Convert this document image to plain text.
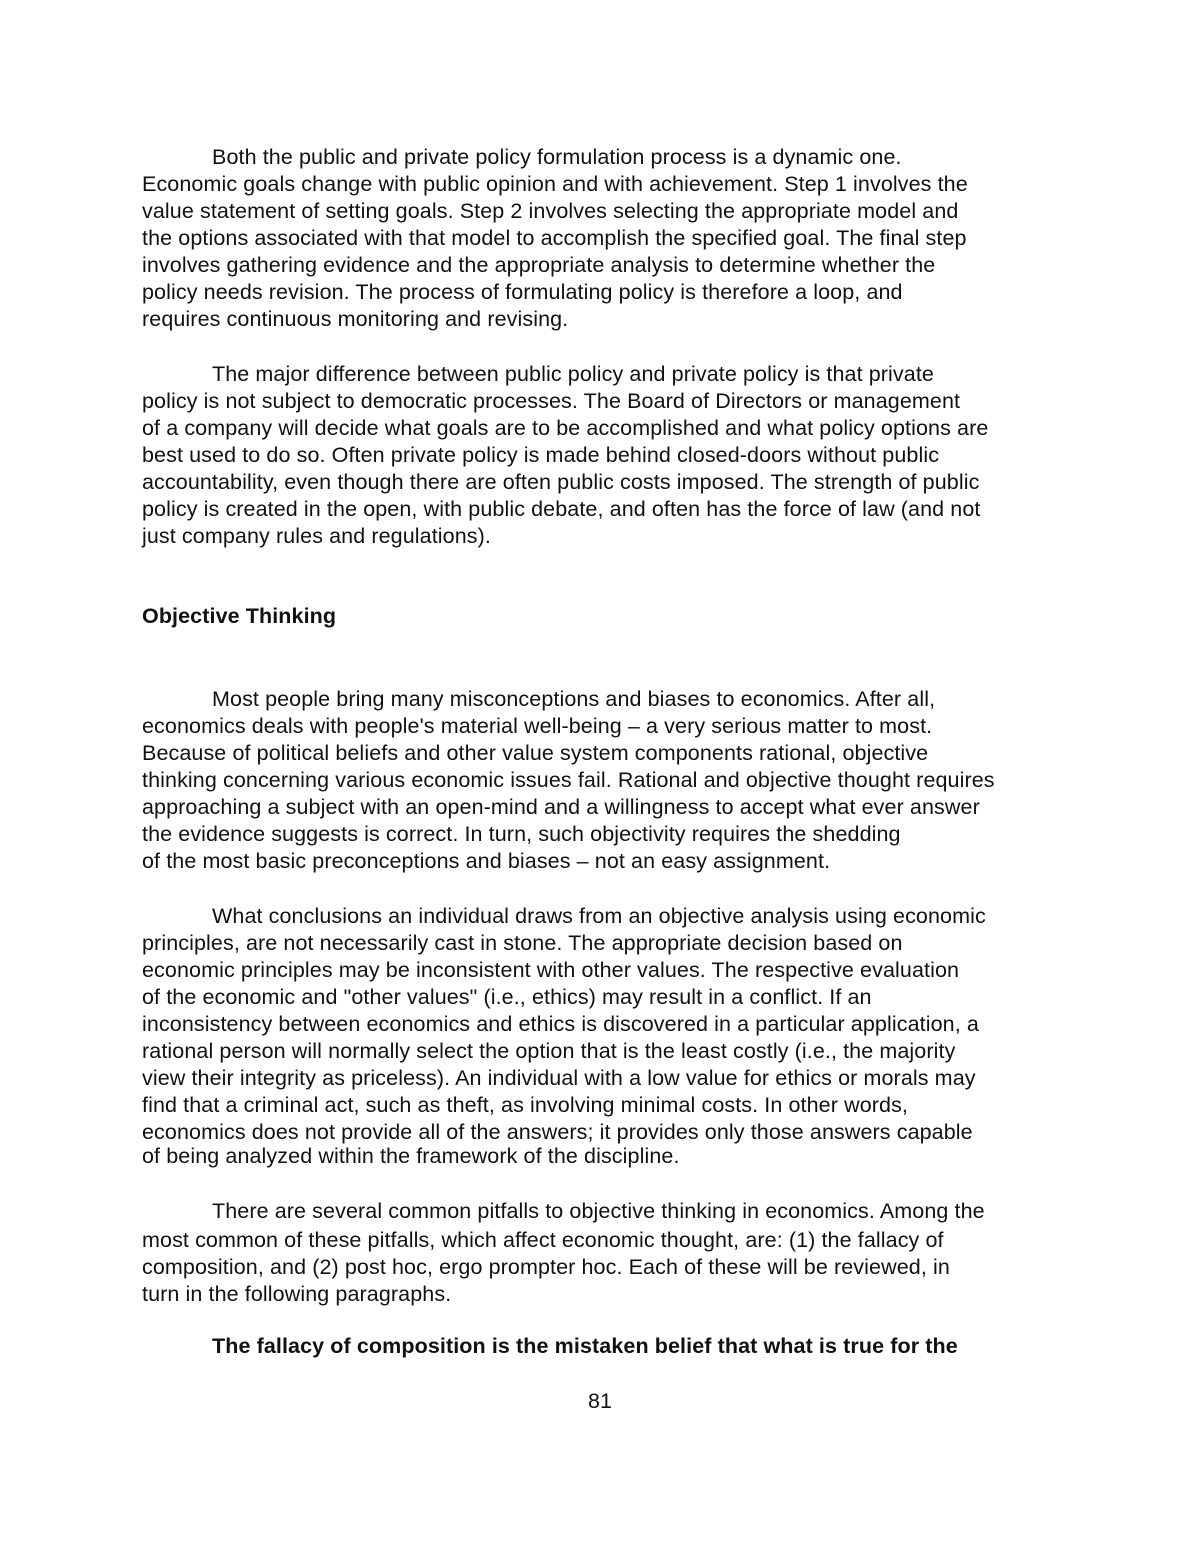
Both the public and private policy formulation process is a dynamic one.
Economic goals change with public opinion and with achievement. Step 1 involves the
value statement of setting goals. Step 2 involves selecting the appropriate model and
the options associated with that model to accomplish the specified goal. The final step
involves gathering evidence and the appropriate analysis to determine whether the
policy needs revision. The process of formulating policy is therefore a loop, and
requires continuous monitoring and revising.
The major difference between public policy and private policy is that private
policy is not subject to democratic processes. The Board of Directors or management
of a company will decide what goals are to be accomplished and what policy options are
best used to do so. Often private policy is made behind closed-doors without public
accountability, even though there are often public costs imposed. The strength of public
policy is created in the open, with public debate, and often has the force of law (and not
just company rules and regulations).
Objective Thinking
Most people bring many misconceptions and biases to economics. After all,
economics deals with people's material well-being – a very serious matter to most.
Because of political beliefs and other value system components rational, objective
thinking concerning various economic issues fail. Rational and objective thought requires
approaching a subject with an open-mind and a willingness to accept what ever answer
the evidence suggests is correct. In turn, such objectivity requires the shedding
of the most basic preconceptions and biases – not an easy assignment.
What conclusions an individual draws from an objective analysis using economic
principles, are not necessarily cast in stone. The appropriate decision based on
economic principles may be inconsistent with other values. The respective evaluation
of the economic and "other values" (i.e., ethics) may result in a conflict. If an
inconsistency between economics and ethics is discovered in a particular application, a
rational person will normally select the option that is the least costly (i.e., the majority
view their integrity as priceless). An individual with a low value for ethics or morals may
find that a criminal act, such as theft, as involving minimal costs. In other words,
economics does not provide all of the answers; it provides only those answers capable
of being analyzed within the framework of the discipline.
There are several common pitfalls to objective thinking in economics. Among the
most common of these pitfalls, which affect economic thought, are: (1) the fallacy of
composition, and (2) post hoc, ergo prompter hoc. Each of these will be reviewed, in
turn in the following paragraphs.
The fallacy of composition is the mistaken belief that what is true for the
81
